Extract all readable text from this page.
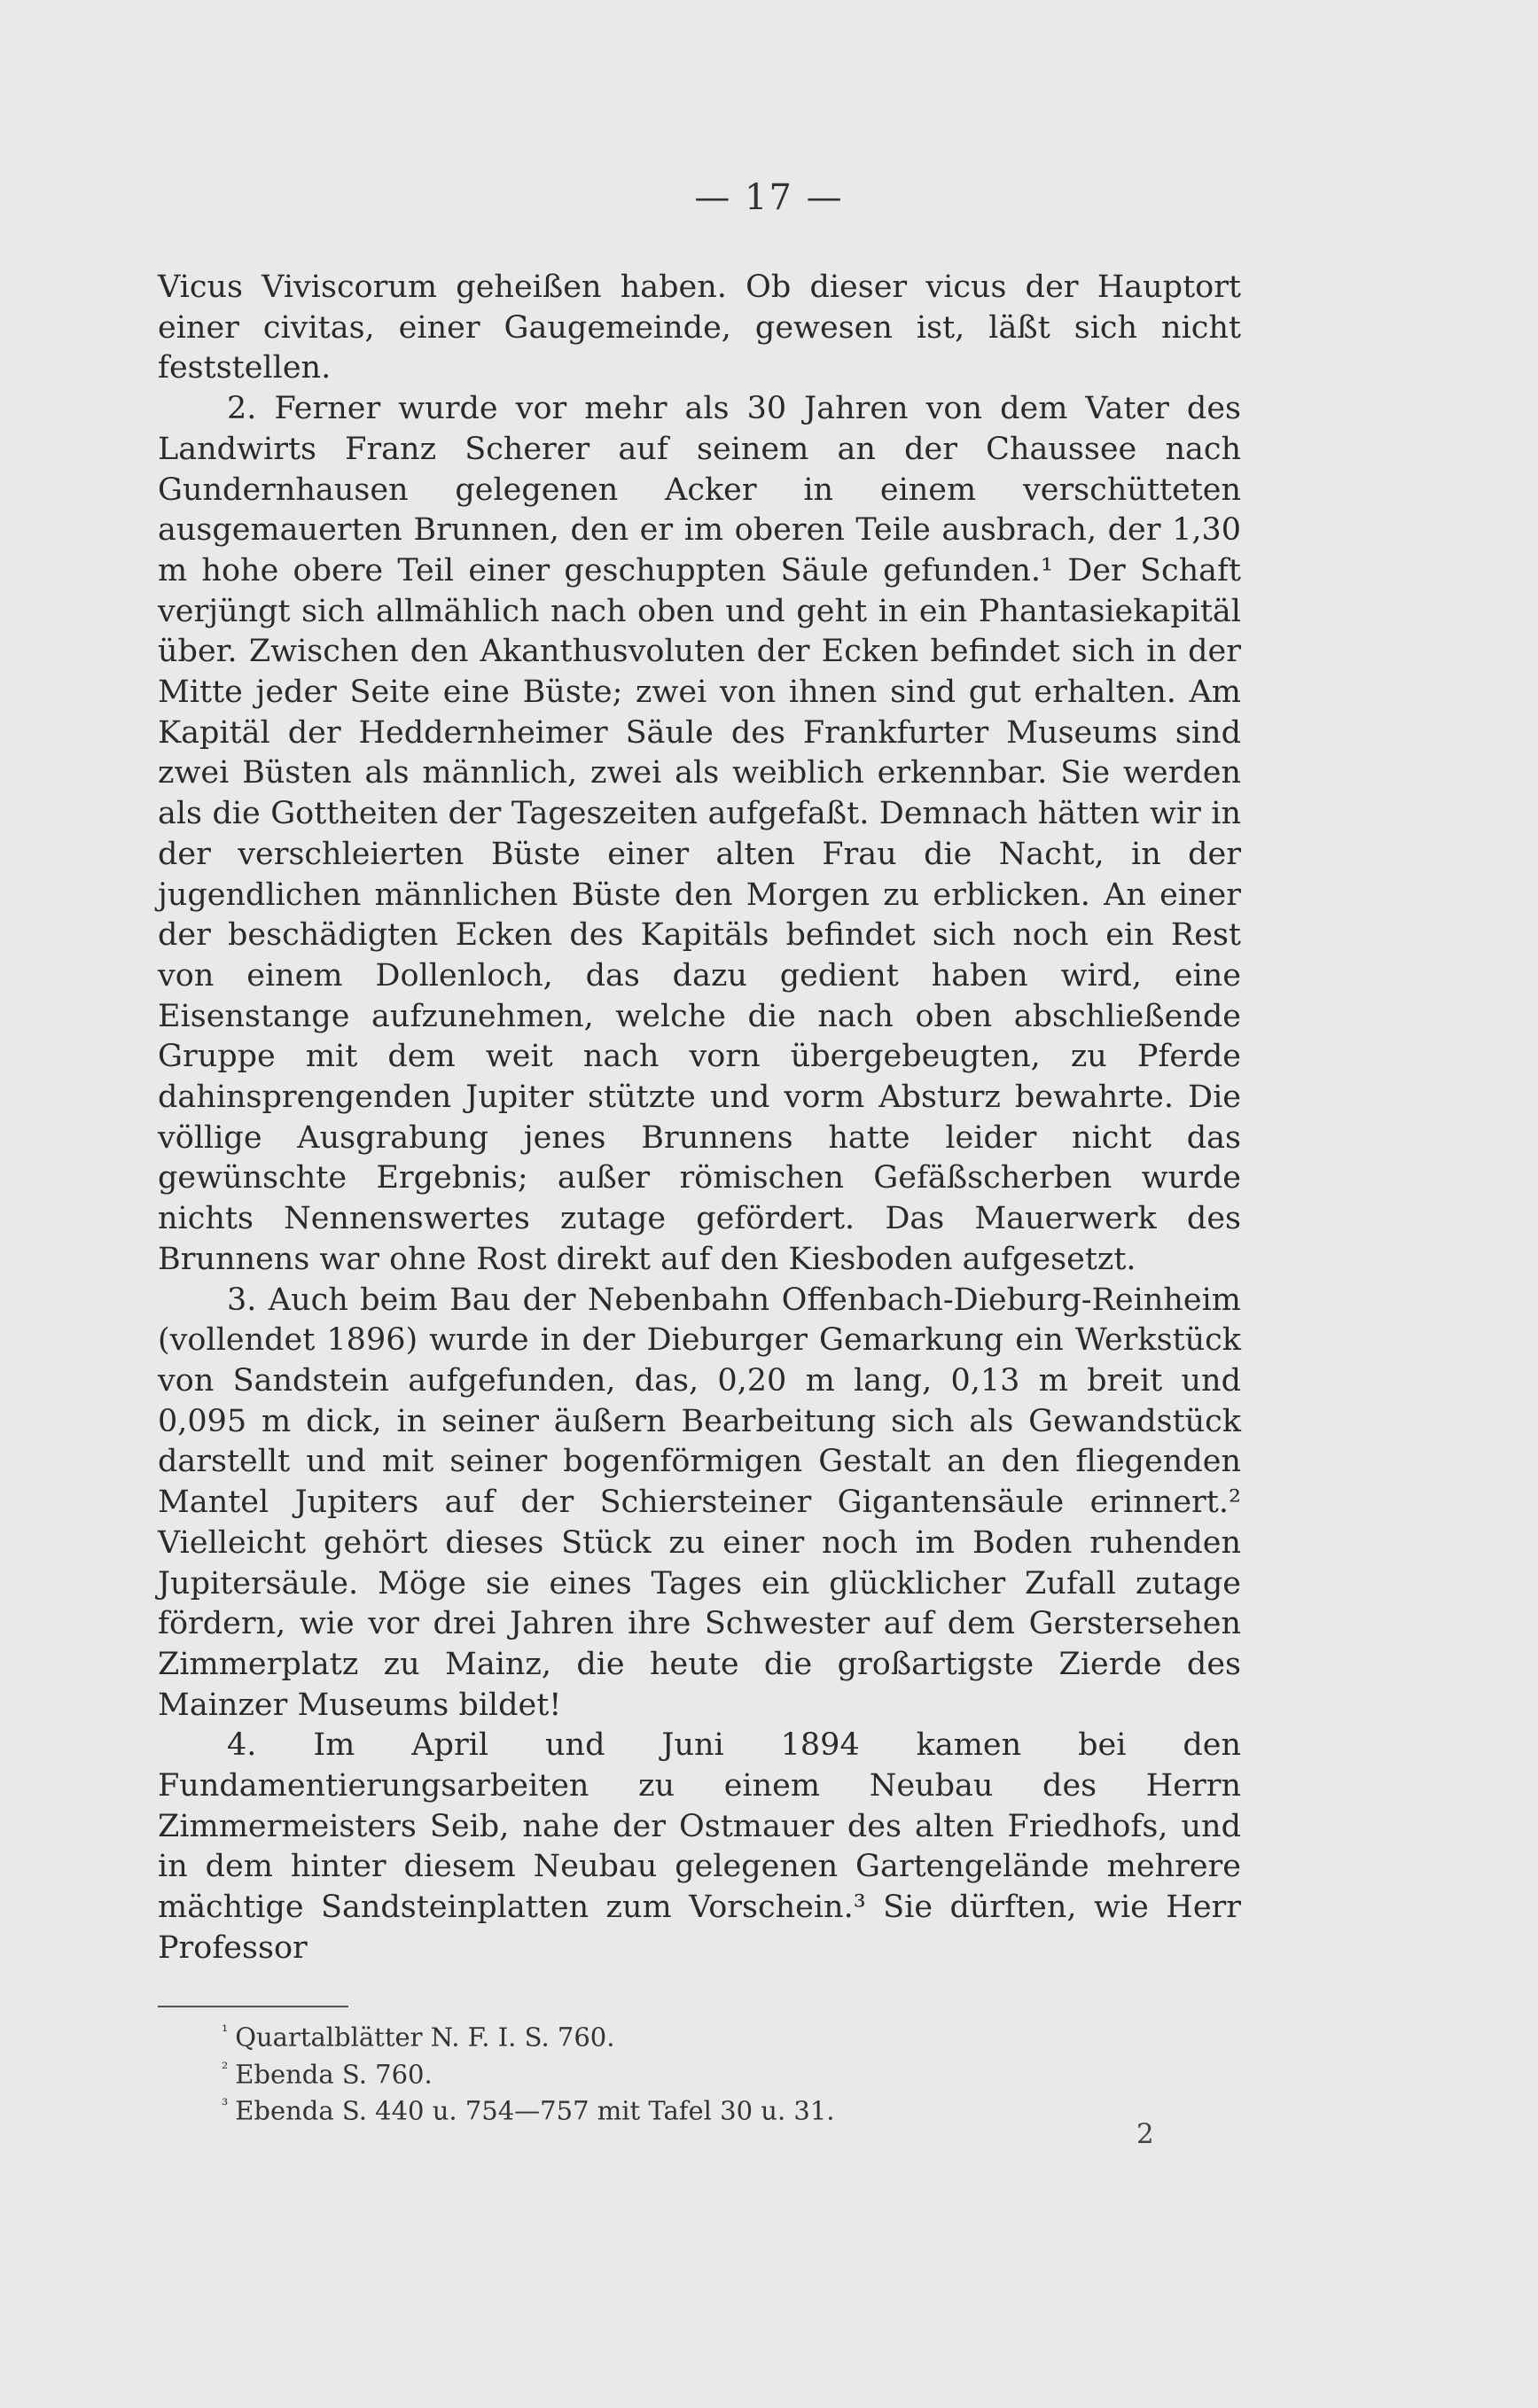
— 17 —

Vicus Viviscorum geheißen haben. Ob dieser vicus der Hauptort einer civitas, einer Gaugemeinde, gewesen ist, läßt sich nicht feststellen.

2. Ferner wurde vor mehr als 30 Jahren von dem Vater des Landwirts Franz Scherer auf seinem an der Chaussee nach Gundernhausen gelegenen Acker in einem verschütteten ausgemauerten Brunnen, den er im oberen Teile ausbrach, der 1,30 m hohe obere Teil einer geschuppten Säule gefunden.¹ Der Schaft verjüngt sich allmählich nach oben und geht in ein Phantasiekapitäl über. Zwischen den Akanthusvoluten der Ecken befindet sich in der Mitte jeder Seite eine Büste; zwei von ihnen sind gut erhalten. Am Kapitäl der Heddernheimer Säule des Frankfurter Museums sind zwei Büsten als männlich, zwei als weiblich erkennbar. Sie werden als die Gottheiten der Tageszeiten aufgefaßt. Demnach hätten wir in der verschleierten Büste einer alten Frau die Nacht, in der jugendlichen männlichen Büste den Morgen zu erblicken. An einer der beschädigten Ecken des Kapitäls befindet sich noch ein Rest von einem Dollenloch, das dazu gedient haben wird, eine Eisenstange aufzunehmen, welche die nach oben abschließende Gruppe mit dem weit nach vorn übergebeugten, zu Pferde dahinsprengenden Jupiter stützte und vorm Absturz bewahrte. Die völlige Ausgrabung jenes Brunnens hatte leider nicht das gewünschte Ergebnis; außer römischen Gefäßscherben wurde nichts Nennenswertes zutage gefördert. Das Mauerwerk des Brunnens war ohne Rost direkt auf den Kiesboden aufgesetzt.

3. Auch beim Bau der Nebenbahn Offenbach-Dieburg-Reinheim (vollendet 1896) wurde in der Dieburger Gemarkung ein Werkstück von Sandstein aufgefunden, das, 0,20 m lang, 0,13 m breit und 0,095 m dick, in seiner äußern Bearbeitung sich als Gewandstück darstellt und mit seiner bogenförmigen Gestalt an den fliegenden Mantel Jupiters auf der Schiersteiner Gigantensäule erinnert.² Vielleicht gehört dieses Stück zu einer noch im Boden ruhenden Jupitersäule. Möge sie eines Tages ein glücklicher Zufall zutage fördern, wie vor drei Jahren ihre Schwester auf dem Gerstersehen Zimmerplatz zu Mainz, die heute die großartigste Zierde des Mainzer Museums bildet!

4. Im April und Juni 1894 kamen bei den Fundamentierungsarbeiten zu einem Neubau des Herrn Zimmermeisters Seib, nahe der Ostmauer des alten Friedhofs, und in dem hinter diesem Neubau gelegenen Gartengelände mehrere mächtige Sandsteinplatten zum Vorschein.³ Sie dürften, wie Herr Professor

$^{^1}$ Quartalblätter N. F. I. S. 760.
$^{^2}$ Ebenda S. 760.
$^{^3}$ Ebenda S. 440 u. 754—757 mit Tafel 30 u. 31.
2
